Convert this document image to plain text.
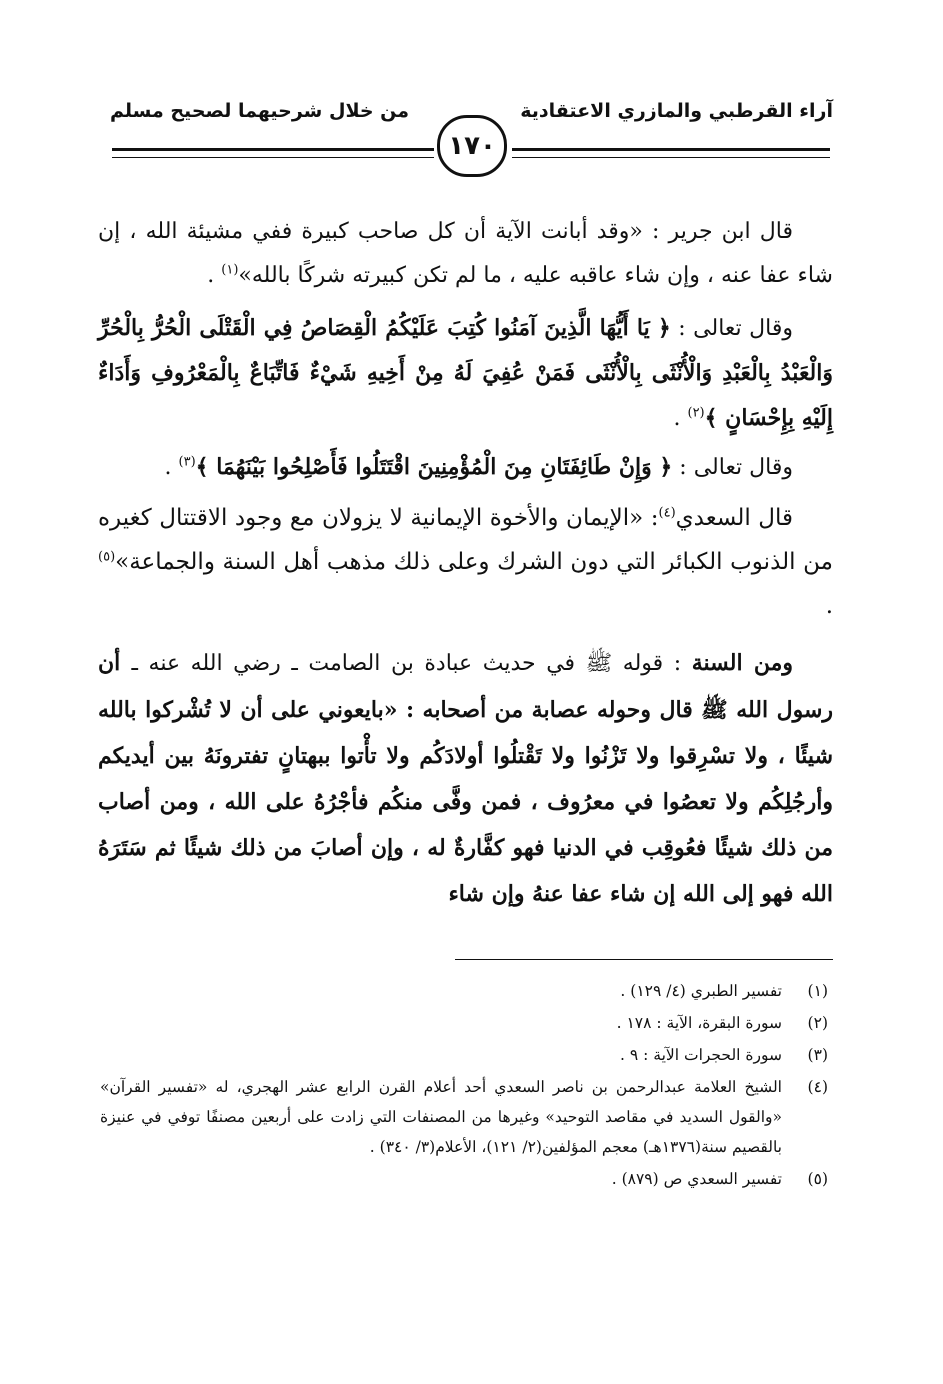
آراء القرطبي والمازري الاعتقادية
من خلال شرحيهما لصحيح مسلم
١٧٠

قال ابن جرير : «وقد أبانت الآية أن كل صاحب كبيرة ففي مشيئة الله ، إن شاء عفا عنه ، وإن شاء عاقبه عليه ، ما لم تكن كبيرته شركًا بالله»$^{(١)}$ .

وقال تعالى : ﴿ يَا أَيُّهَا الَّذِينَ آمَنُوا كُتِبَ عَلَيْكُمُ الْقِصَاصُ فِي الْقَتْلَى الْحُرُّ بِالْحُرِّ وَالْعَبْدُ بِالْعَبْدِ وَالْأُنْثَى بِالْأُنْثَى فَمَنْ عُفِيَ لَهُ مِنْ أَخِيهِ شَيْءٌ فَاتِّبَاعٌ بِالْمَعْرُوفِ وَأَدَاءٌ إِلَيْهِ بِإِحْسَانٍ ﴾$^{(٢)}$ .

وقال تعالى : ﴿ وَإِنْ طَائِفَتَانِ مِنَ الْمُؤْمِنِينَ اقْتَتَلُوا فَأَصْلِحُوا بَيْنَهُمَا ﴾$^{(٣)}$ .

قال السعدي$^{(٤)}$: «الإيمان والأخوة الإيمانية لا يزولان مع وجود الاقتتال كغيره من الذنوب الكبائر التي دون الشرك وعلى ذلك مذهب أهل السنة والجماعة»$^{(٥)}$ .

ومن السنة : قوله ﷺ في حديث عبادة بن الصامت ـ رضي الله عنه ـ أن رسول الله ﷺ قال وحوله عصابة من أصحابه : «بايعوني على أن لا تُشْركوا بالله شيئًا ، ولا تسْرِقوا ولا تَزْنُوا ولا تَقْتلُوا أولادَكُم ولا تأْتوا ببهتانٍ تفترونَهُ بين أيديكم وأرجُلِكُم ولا تعصُوا في معرُوف ، فمن وفَّى منكُم فأجْرُهُ على الله ، ومن أصاب من ذلك شيئًا فعُوقِب في الدنيا فهو كفَّارةٌ له ، وإن أصابَ من ذلك شيئًا ثم سَتَرَهُ الله فهو إلى الله إن شاء عفا عنهُ وإن شاء

(١)
تفسير الطبري (٤/ ١٢٩) .
(٢)
سورة البقرة، الآية : ١٧٨ .
(٣)
سورة الحجرات الآية : ٩ .
(٤)
الشيخ العلامة عبدالرحمن بن ناصر السعدي أحد أعلام القرن الرابع عشر الهجري، له «تفسير القرآن» «والقول السديد في مقاصد التوحيد» وغيرها من المصنفات التي زادت على أربعين مصنفًا توفي في عنيزة بالقصيم سنة(١٣٧٦هـ) معجم المؤلفين(٢/ ١٢١)، الأعلام(٣/ ٣٤٠) .
(٥)
تفسير السعدي ص (٨٧٩) .
